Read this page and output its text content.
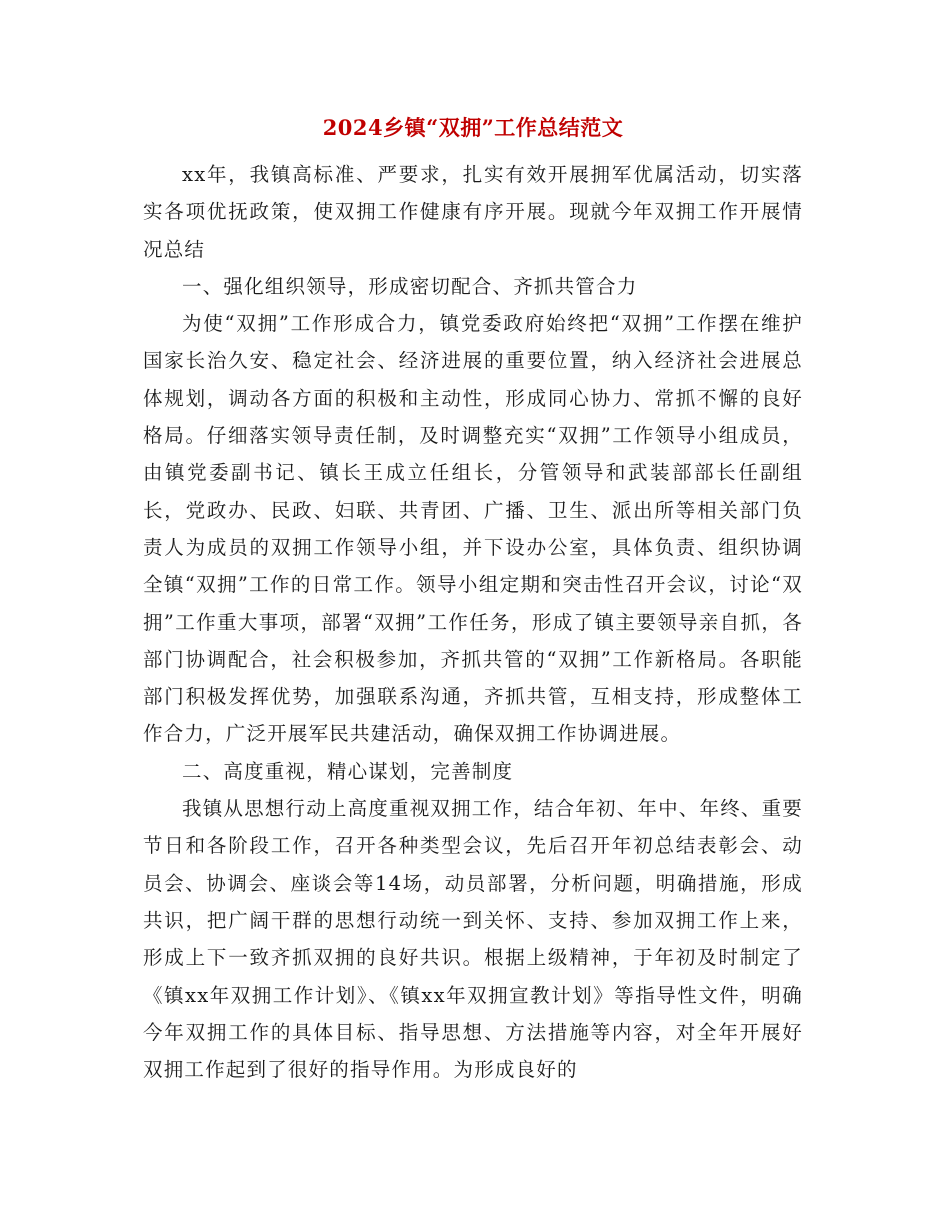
2024乡镇“双拥”工作总结范文

xx年，我镇高标准、严要求，扎实有效开展拥军优属活动，切实落实各项优抚政策，使双拥工作健康有序开展。现就今年双拥工作开展情况总结

一、强化组织领导，形成密切配合、齐抓共管合力

为使“双拥”工作形成合力，镇党委政府始终把“双拥”工作摆在维护国家长治久安、稳定社会、经济进展的重要位置，纳入经济社会进展总体规划，调动各方面的积极和主动性，形成同心协力、常抓不懈的良好格局。仔细落实领导责任制，及时调整充实“双拥”工作领导小组成员，由镇党委副书记、镇长王成立任组长，分管领导和武装部部长任副组长，党政办、民政、妇联、共青团、广播、卫生、派出所等相关部门负责人为成员的双拥工作领导小组，并下设办公室，具体负责、组织协调全镇“双拥”工作的日常工作。领导小组定期和突击性召开会议，讨论“双拥”工作重大事项，部署“双拥”工作任务，形成了镇主要领导亲自抓，各部门协调配合，社会积极参加，齐抓共管的“双拥”工作新格局。各职能部门积极发挥优势，加强联系沟通，齐抓共管，互相支持，形成整体工作合力，广泛开展军民共建活动，确保双拥工作协调进展。

二、高度重视，精心谋划，完善制度

我镇从思想行动上高度重视双拥工作，结合年初、年中、年终、重要节日和各阶段工作，召开各种类型会议，先后召开年初总结表彰会、动员会、协调会、座谈会等14场，动员部署，分析问题，明确措施，形成共识，把广阔干群的思想行动统一到关怀、支持、参加双拥工作上来，形成上下一致齐抓双拥的良好共识。根据上级精神，于年初及时制定了《镇xx年双拥工作计划》、《镇xx年双拥宣教计划》等指导性文件，明确今年双拥工作的具体目标、指导思想、方法措施等内容，对全年开展好双拥工作起到了很好的指导作用。为形成良好的
